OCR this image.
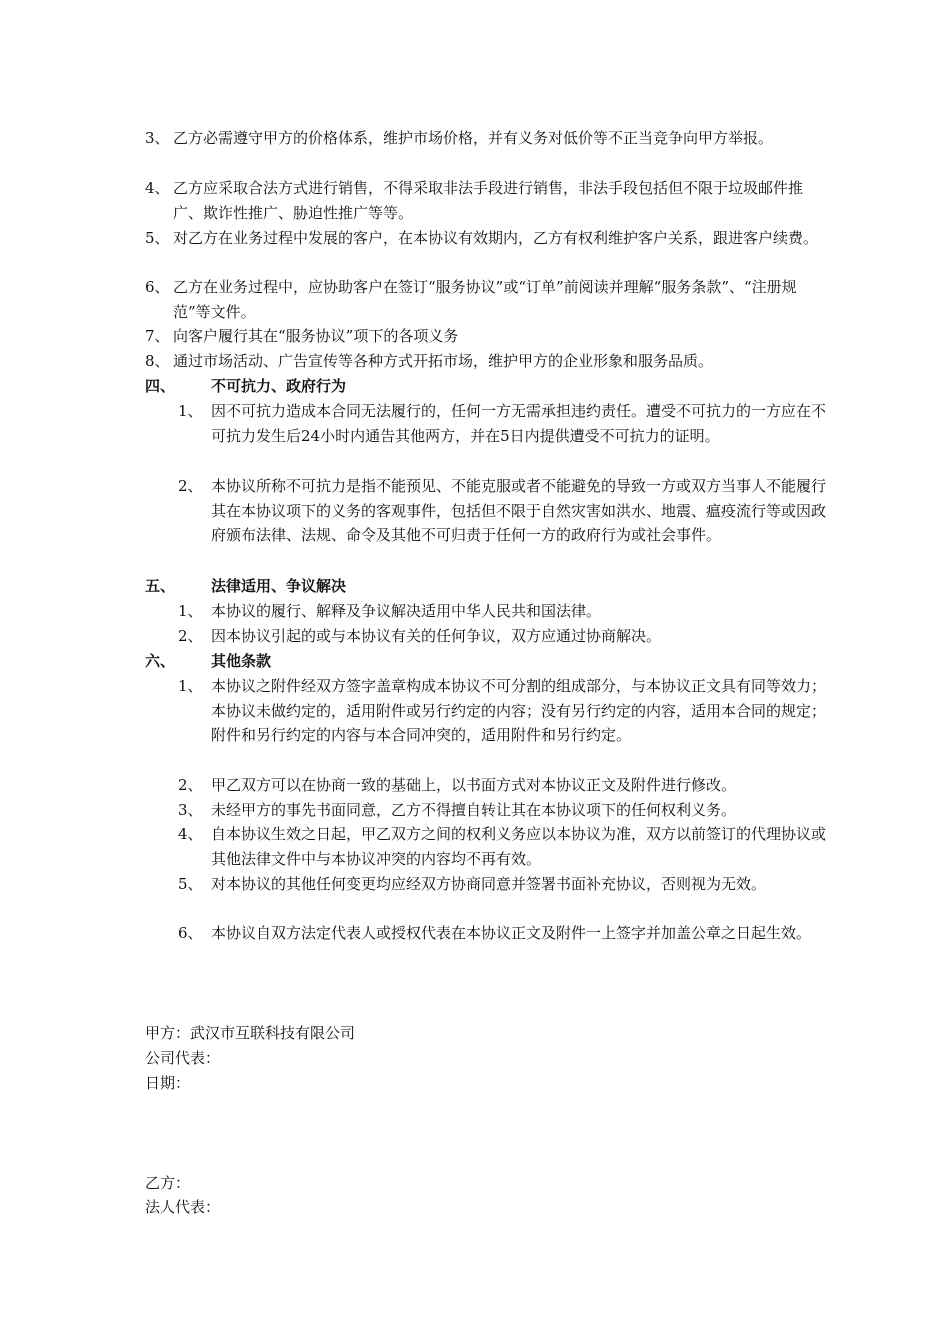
3、 乙方必需遵守甲方的价格体系，维护市场价格，并有义务对低价等不正当竞争向甲方举报。
4、 乙方应采取合法方式进行销售，不得采取非法手段进行销售，非法手段包括但不限于垃圾邮件推广、欺诈性推广、胁迫性推广等等。
5、 对乙方在业务过程中发展的客户，在本协议有效期内，乙方有权利维护客户关系，跟进客户续费。
6、 乙方在业务过程中，应协助客户在签订“服务协议”或“订单”前阅读并理解“服务条款”、“注册规范”等文件。
7、 向客户履行其在“服务协议”项下的各项义务
8、 通过市场活动、广告宣传等各种方式开拓市场，维护甲方的企业形象和服务品质。
四、 不可抗力、政府行为
1、 因不可抗力造成本合同无法履行的，任何一方无需承担违约责任。遭受不可抗力的一方应在不可抗力发生后24小时内通告其他两方，并在5日内提供遭受不可抗力的证明。
2、 本协议所称不可抗力是指不能预见、不能克服或者不能避免的导致一方或双方当事人不能履行其在本协议项下的义务的客观事件，包括但不限于自然灾害如洪水、地震、瘟疫流行等或因政府颁布法律、法规、命令及其他不可归责于任何一方的政府行为或社会事件。
五、 法律适用、争议解决
1、 本协议的履行、解释及争议解决适用中华人民共和国法律。
2、 因本协议引起的或与本协议有关的任何争议，双方应通过协商解决。
六、 其他条款
1、 本协议之附件经双方签字盖章构成本协议不可分割的组成部分，与本协议正文具有同等效力；本协议未做约定的，适用附件或另行约定的内容；没有另行约定的内容，适用本合同的规定；附件和另行约定的内容与本合同冲突的，适用附件和另行约定。
2、 甲乙双方可以在协商一致的基础上，以书面方式对本协议正文及附件进行修改。
3、 未经甲方的事先书面同意，乙方不得擅自转让其在本协议项下的任何权利义务。
4、 自本协议生效之日起，甲乙双方之间的权利义务应以本协议为准，双方以前签订的代理协议或其他法律文件中与本协议冲突的内容均不再有效。
5、 对本协议的其他任何变更均应经双方协商同意并签署书面补充协议，否则视为无效。
6、 本协议自双方法定代表人或授权代表在本协议正文及附件一上签字并加盖公章之日起生效。
甲方：武汉市互联科技有限公司
公司代表：
日期：
乙方：
法人代表：
